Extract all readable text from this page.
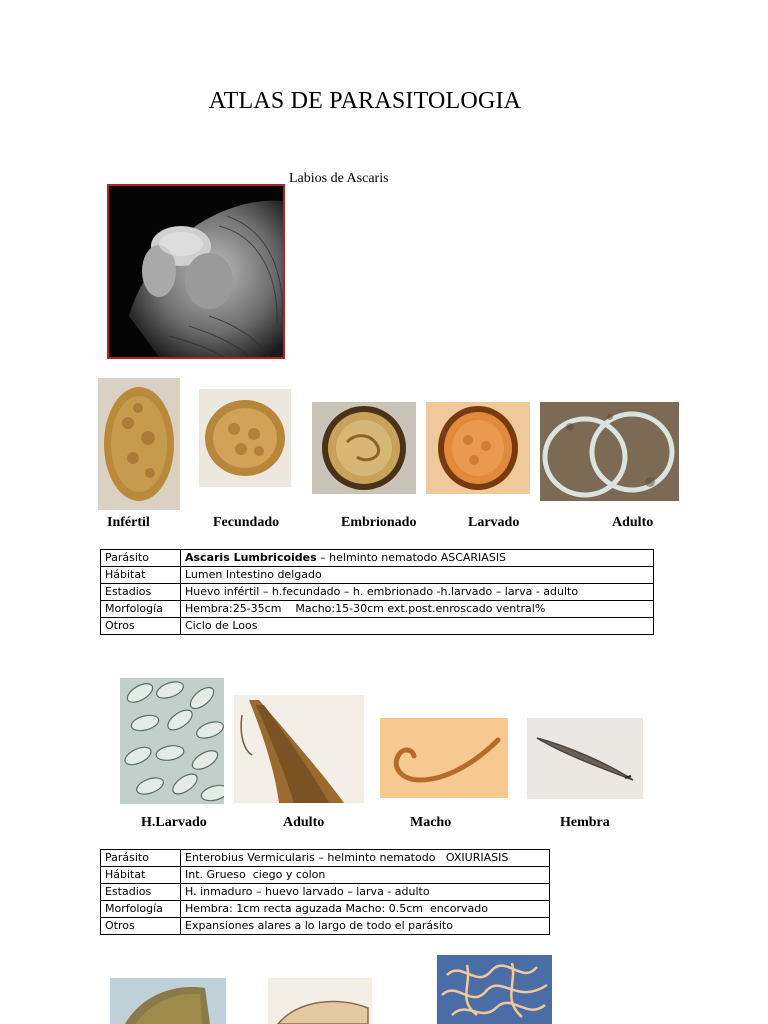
ATLAS DE PARASITOLOGIA
Labios de Ascaris
Infértil	Fecundado	Embrionado	Larvado	Adulto
Parásito	Ascaris Lumbricoides – helminto nematodo ASCARIASIS
Hábitat	Lumen Intestino delgado
Estadios	Huevo infértil – h.fecundado – h. embrionado -h.larvado – larva - adulto
Morfología	Hembra:25-35cm    Macho:15-30cm ext.post.enroscado ventral%
Otros	Ciclo de Loos
H.Larvado	Adulto	Macho	Hembra
Parásito	Enterobius Vermicularis – helminto nematodo   OXIURIASIS
Hábitat	Int. Grueso  ciego y colon
Estadios	H. inmaduro – huevo larvado – larva - adulto
Morfología	Hembra: 1cm recta aguzada Macho: 0.5cm  encorvado
Otros	Expansiones alares a lo largo de todo el parásito
